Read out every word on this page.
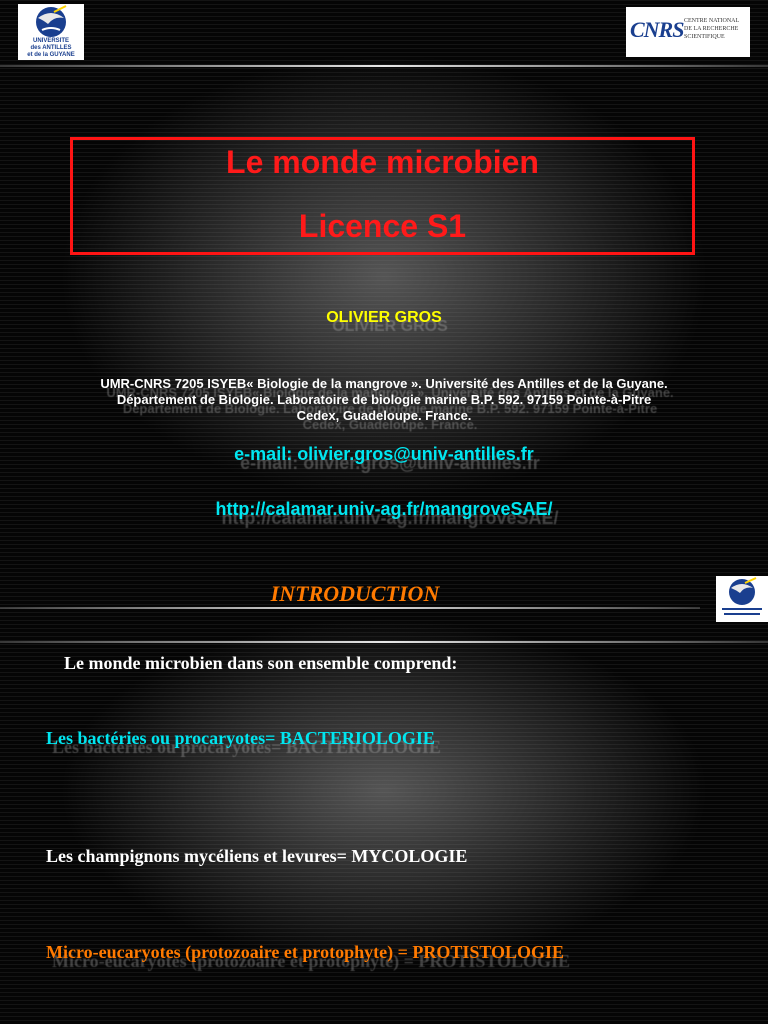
UNIVERSITE
des ANTILLES
et de la GUYANE
CNRS CENTRE NATIONAL
DE LA RECHERCHE
SCIENTIFIQUE
Le monde microbien
Licence S1
OLIVIER GROS
UMR-CNRS 7205 ISYEB« Biologie de la mangrove ». Université des Antilles et de la Guyane.
Département de Biologie. Laboratoire de biologie marine B.P. 592. 97159 Pointe-à-Pitre
Cedex, Guadeloupe. France.
e-mail: olivier.gros@univ-antilles.fr
http://calamar.univ-ag.fr/mangroveSAE/
INTRODUCTION
Le monde microbien dans son ensemble comprend:
Les bactéries ou procaryotes= BACTERIOLOGIE
Les champignons mycéliens et levures= MYCOLOGIE
Micro-eucaryotes (protozoaire et protophyte) = PROTISTOLOGIE
